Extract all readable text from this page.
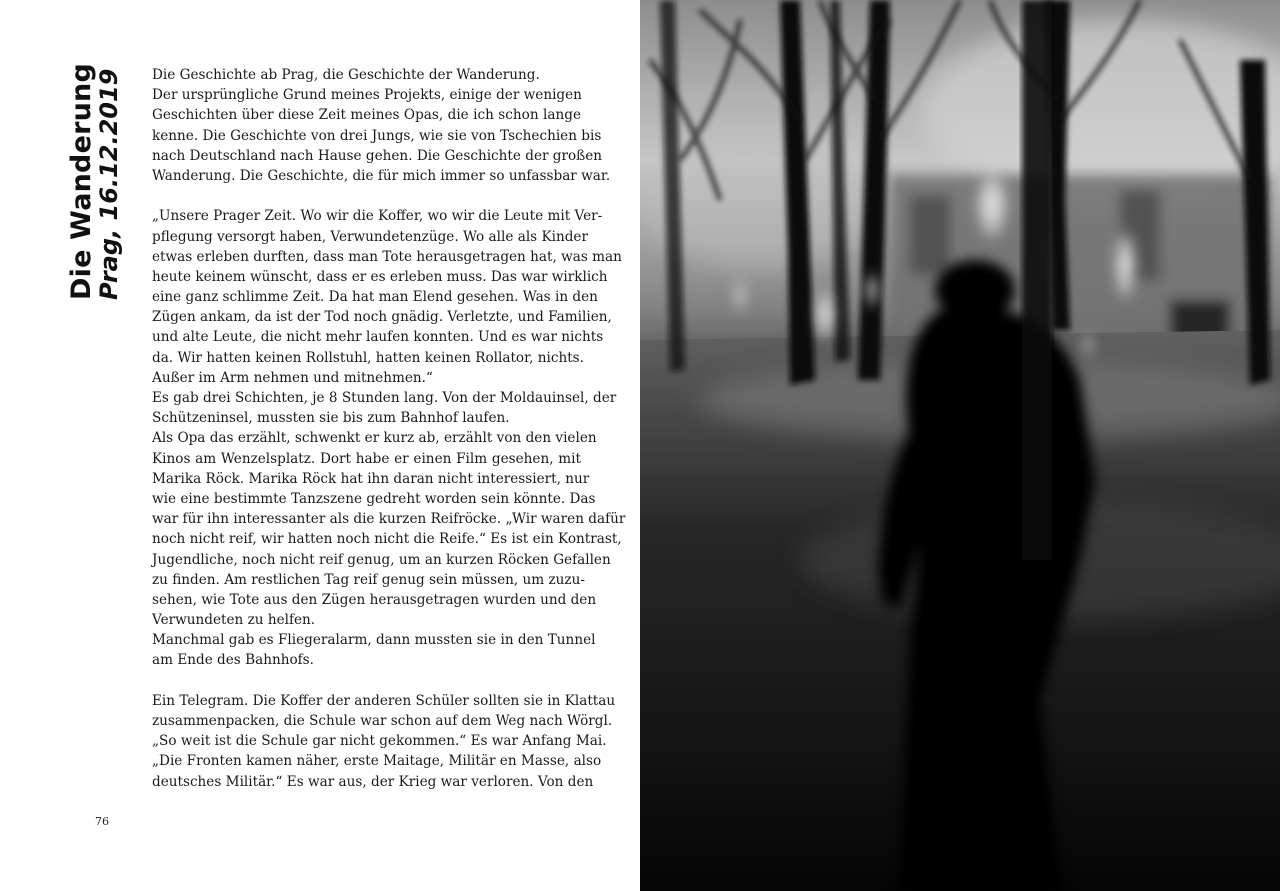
Die Wanderung
Prag, 16.12.2019 Die Geschichte ab Prag, die Geschichte der Wanderung.
Der ursprüngliche Grund meines Projekts, einige der wenigen
Geschichten über diese Zeit meines Opas, die ich schon lange
kenne. Die Geschichte von drei Jungs, wie sie von Tschechien bis
nach Deutschland nach Hause gehen. Die Geschichte der großen
Wanderung. Die Geschichte, die für mich immer so unfassbar war.
„Unsere Prager Zeit. Wo wir die Koffer, wo wir die Leute mit Ver-
pflegung versorgt haben, Verwundetenzüge. Wo alle als Kinder
etwas erleben durften, dass man Tote herausgetragen hat, was man
heute keinem wünscht, dass er es erleben muss. Das war wirklich
eine ganz schlimme Zeit. Da hat man Elend gesehen. Was in den
Zügen ankam, da ist der Tod noch gnädig. Verletzte, und Familien,
und alte Leute, die nicht mehr laufen konnten. Und es war nichts
da. Wir hatten keinen Rollstuhl, hatten keinen Rollator, nichts.
Außer im Arm nehmen und mitnehmen.“
Es gab drei Schichten, je 8 Stunden lang. Von der Moldauinsel, der
Schützeninsel, mussten sie bis zum Bahnhof laufen.
Als Opa das erzählt, schwenkt er kurz ab, erzählt von den vielen
Kinos am Wenzelsplatz. Dort habe er einen Film gesehen, mit
Marika Röck. Marika Röck hat ihn daran nicht interessiert, nur
wie eine bestimmte Tanzszene gedreht worden sein könnte. Das
war für ihn interessanter als die kurzen Reifröcke. „Wir waren dafür
noch nicht reif, wir hatten noch nicht die Reife.“ Es ist ein Kontrast,
Jugendliche, noch nicht reif genug, um an kurzen Röcken Gefallen
zu finden. Am restlichen Tag reif genug sein müssen, um zuzu-
sehen, wie Tote aus den Zügen herausgetragen wurden und den
Verwundeten zu helfen.
Manchmal gab es Fliegeralarm, dann mussten sie in den Tunnel
am Ende des Bahnhofs.
Ein Telegram. Die Koffer der anderen Schüler sollten sie in Klattau
zusammenpacken, die Schule war schon auf dem Weg nach Wörgl.
„So weit ist die Schule gar nicht gekommen.“ Es war Anfang Mai.
„Die Fronten kamen näher, erste Maitage, Militär en Masse, also
deutsches Militär.“ Es war aus, der Krieg war verloren. Von den
76
